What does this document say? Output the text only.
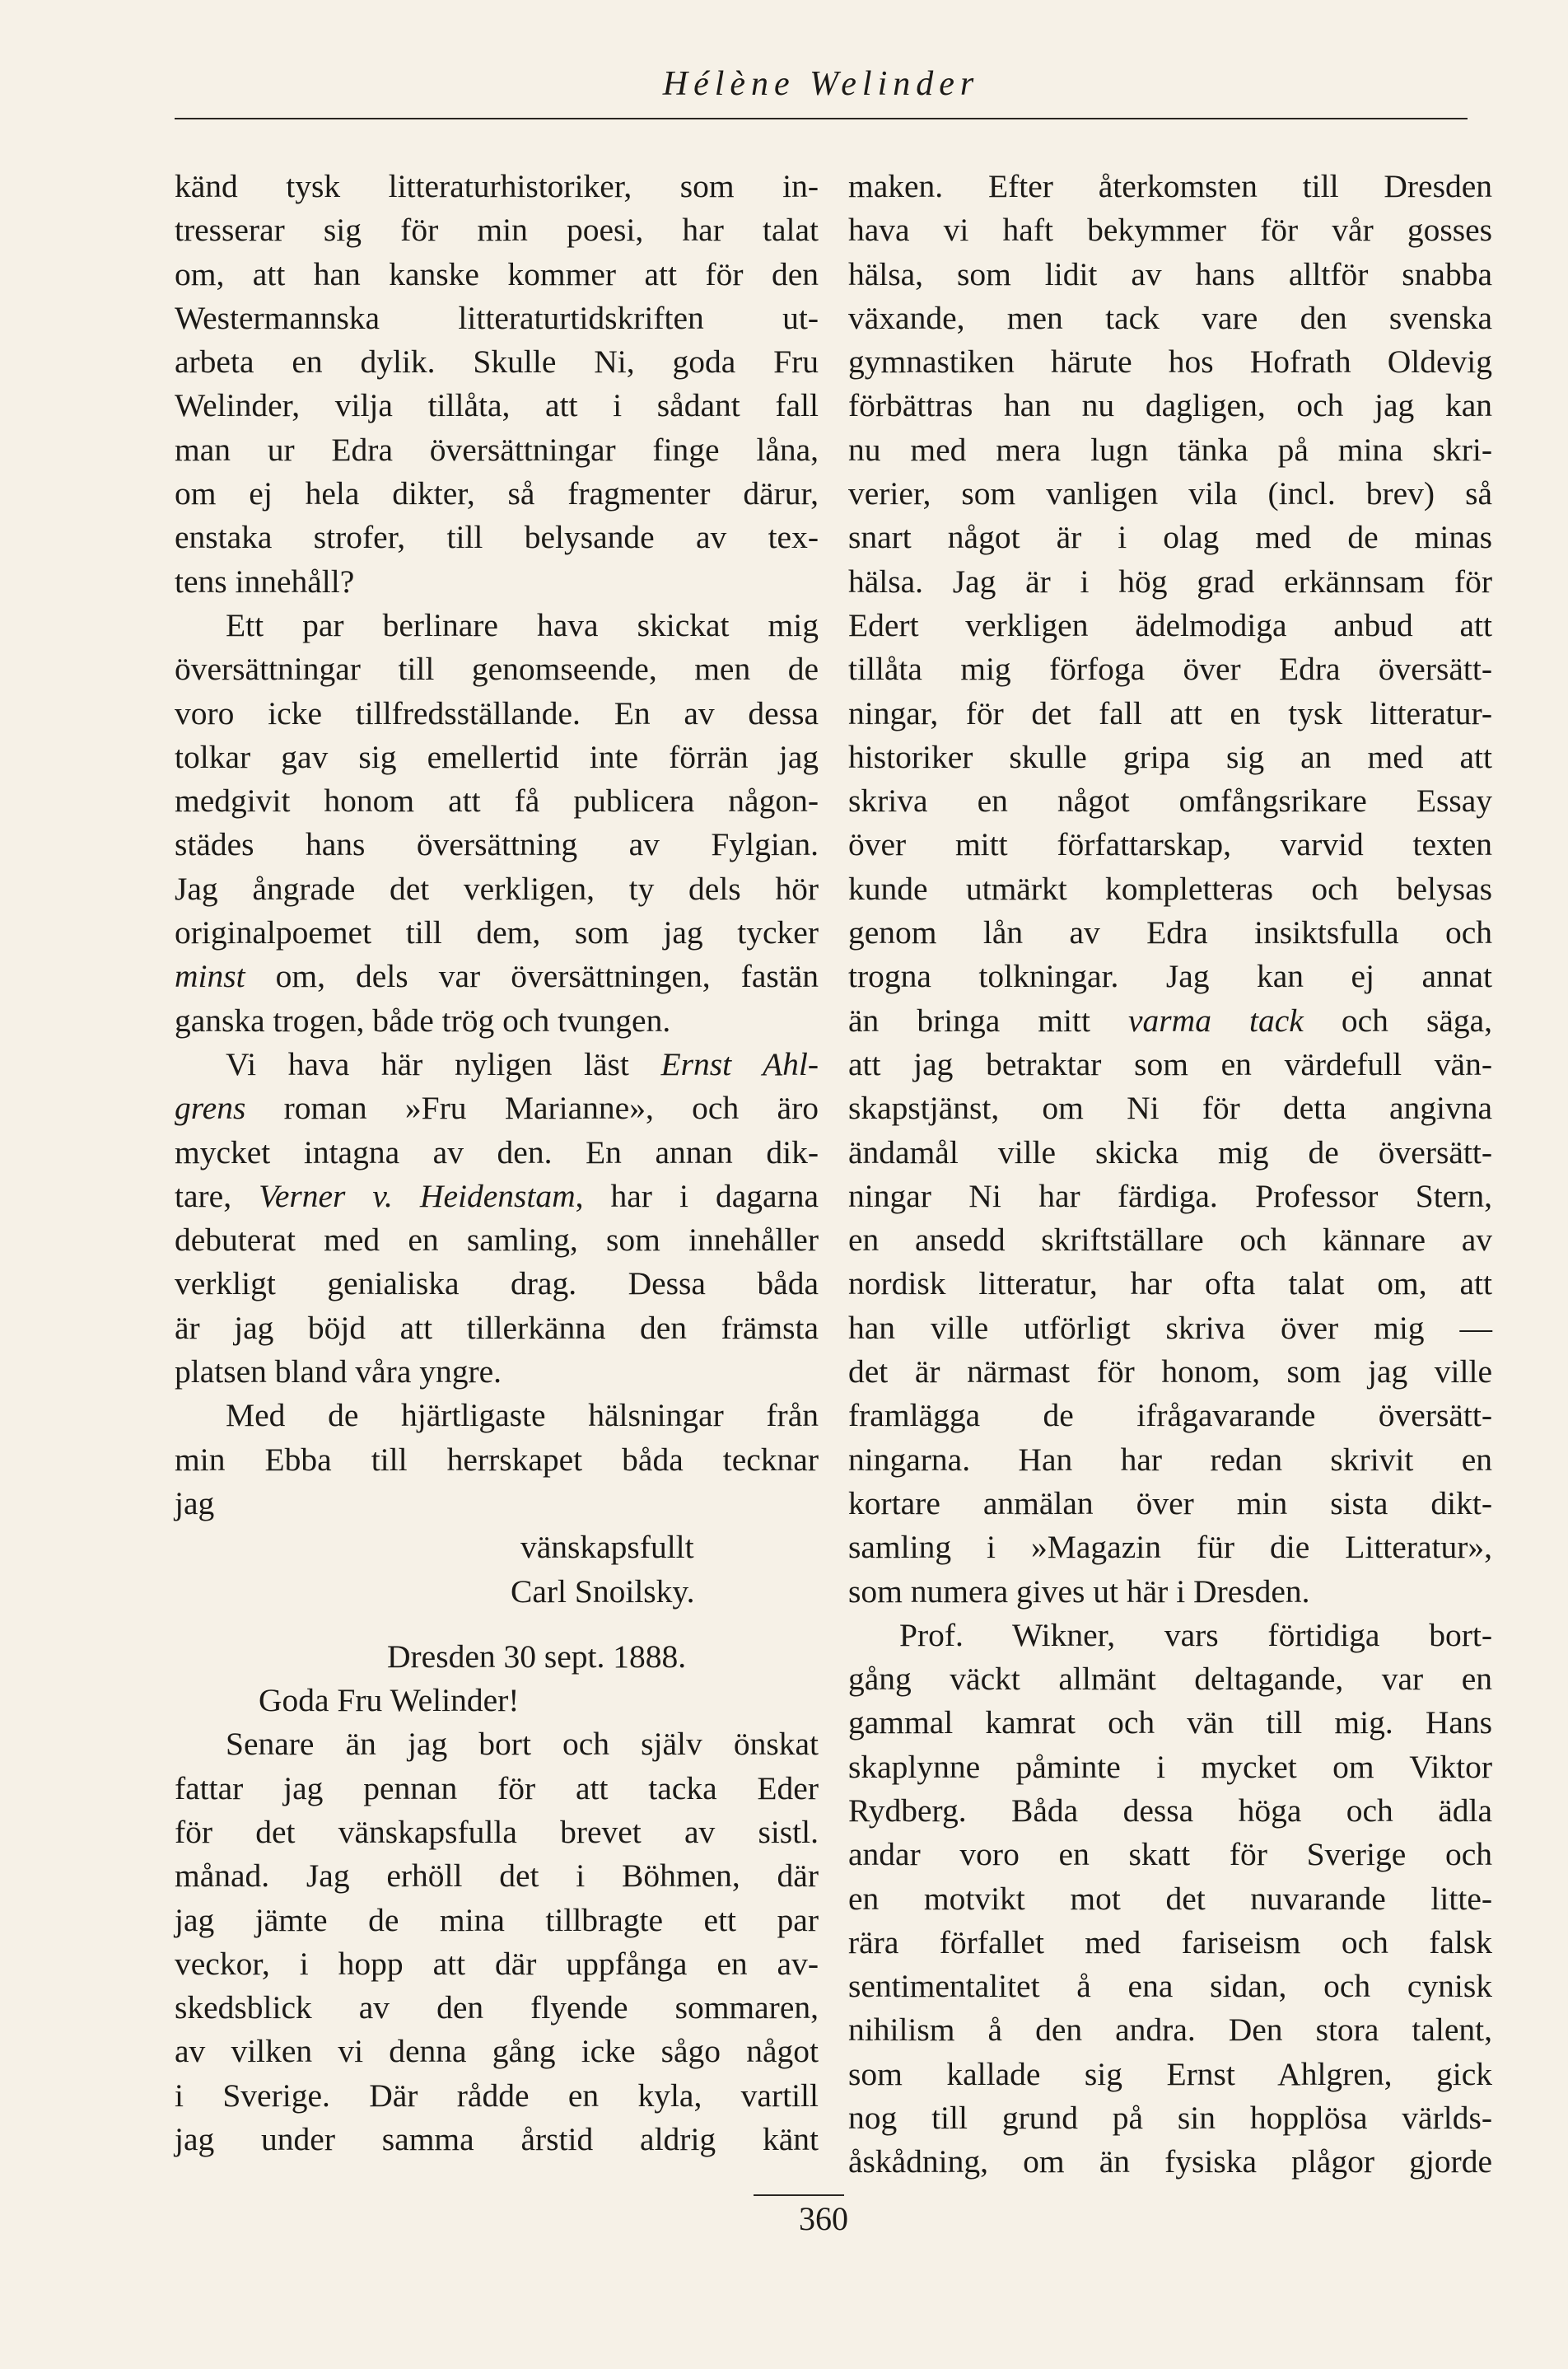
Hélène Welinder
känd tysk litteraturhistoriker, som in-
tresserar sig för min poesi, har talat
om, att han kanske kommer att för den
Westermannska litteraturtidskriften ut-
arbeta en dylik. Skulle Ni, goda Fru
Welinder, vilja tillåta, att i sådant fall
man ur Edra översättningar finge låna,
om ej hela dikter, så fragmenter därur,
enstaka strofer, till belysande av tex-
tens innehåll?
Ett par berlinare hava skickat mig
översättningar till genomseende, men de
voro icke tillfredsställande. En av dessa
tolkar gav sig emellertid inte förrän jag
medgivit honom att få publicera någon-
städes hans översättning av Fylgian.
Jag ångrade det verkligen, ty dels hör
originalpoemet till dem, som jag tycker
minst om, dels var översättningen, fastän
ganska trogen, både trög och tvungen.
Vi hava här nyligen läst Ernst Ahl-
grens roman »Fru Marianne», och äro
mycket intagna av den. En annan dik-
tare, Verner v. Heidenstam, har i dagarna
debuterat med en samling, som innehåller
verkligt genialiska drag. Dessa båda
är jag böjd att tillerkänna den främsta
platsen bland våra yngre.
Med de hjärtligaste hälsningar från
min Ebba till herrskapet båda tecknar
jag
vänskapsfullt
Carl Snoilsky.
Dresden 30 sept. 1888.
Goda Fru Welinder!
Senare än jag bort och själv önskat
fattar jag pennan för att tacka Eder
för det vänskapsfulla brevet av sistl.
månad. Jag erhöll det i Böhmen, där
jag jämte de mina tillbragte ett par
veckor, i hopp att där uppfånga en av-
skedsblick av den flyende sommaren,
av vilken vi denna gång icke sågo något
i Sverige. Där rådde en kyla, vartill
jag under samma årstid aldrig känt
maken. Efter återkomsten till Dresden
hava vi haft bekymmer för vår gosses
hälsa, som lidit av hans alltför snabba
växande, men tack vare den svenska
gymnastiken härute hos Hofrath Oldevig
förbättras han nu dagligen, och jag kan
nu med mera lugn tänka på mina skri-
verier, som vanligen vila (incl. brev) så
snart något är i olag med de minas
hälsa. Jag är i hög grad erkännsam för
Edert verkligen ädelmodiga anbud att
tillåta mig förfoga över Edra översätt-
ningar, för det fall att en tysk litteratur-
historiker skulle gripa sig an med att
skriva en något omfångsrikare Essay
över mitt författarskap, varvid texten
kunde utmärkt kompletteras och belysas
genom lån av Edra insiktsfulla och
trogna tolkningar. Jag kan ej annat
än bringa mitt varma tack och säga,
att jag betraktar som en värdefull vän-
skapstjänst, om Ni för detta angivna
ändamål ville skicka mig de översätt-
ningar Ni har färdiga. Professor Stern,
en ansedd skriftställare och kännare av
nordisk litteratur, har ofta talat om, att
han ville utförligt skriva över mig —
det är närmast för honom, som jag ville
framlägga de ifrågavarande översätt-
ningarna. Han har redan skrivit en
kortare anmälan över min sista dikt-
samling i »Magazin für die Litteratur»,
som numera gives ut här i Dresden.
Prof. Wikner, vars förtidiga bort-
gång väckt allmänt deltagande, var en
gammal kamrat och vän till mig. Hans
skaplynne påminte i mycket om Viktor
Rydberg. Båda dessa höga och ädla
andar voro en skatt för Sverige och
en motvikt mot det nuvarande litte-
rära förfallet med fariseism och falsk
sentimentalitet å ena sidan, och cynisk
nihilism å den andra. Den stora talent,
som kallade sig Ernst Ahlgren, gick
nog till grund på sin hopplösa världs-
åskådning, om än fysiska plågor gjorde
360
